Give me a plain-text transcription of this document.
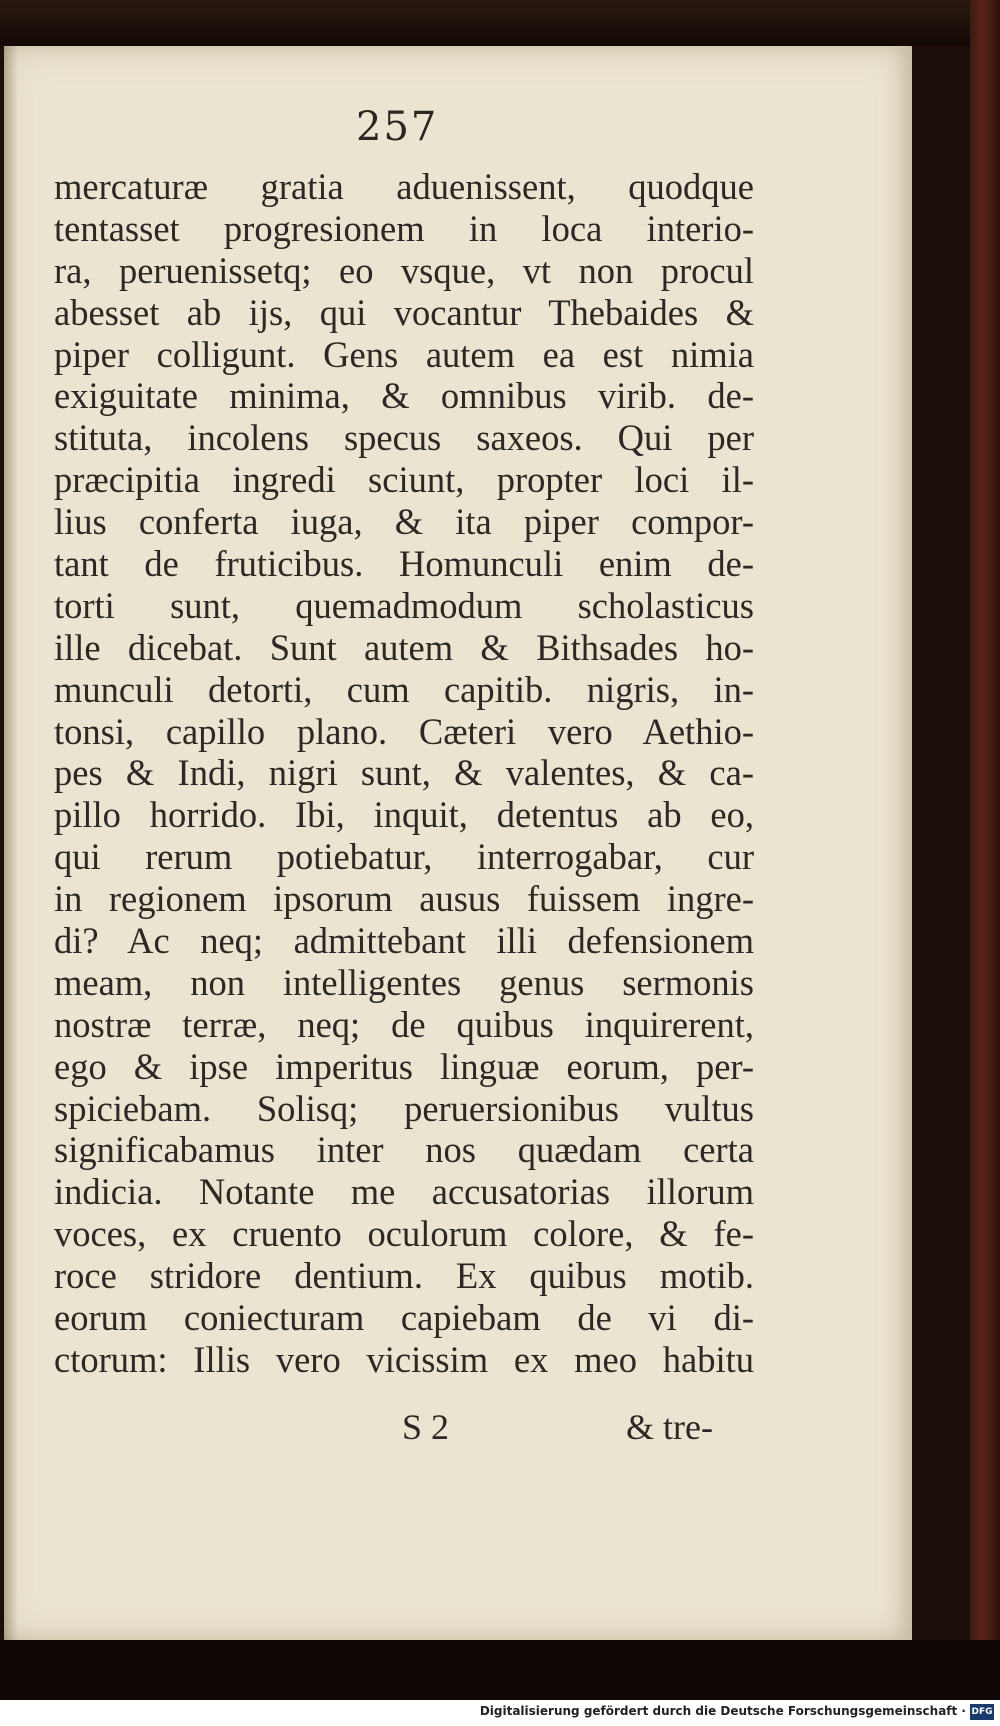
257
mercaturæ gratia aduenissent, quodque
tentasset progresionem in loca interio-
ra, peruenissetq; eo vsque, vt non procul
abesset ab ijs, qui vocantur Thebaides &
piper colligunt. Gens autem ea est nimia
exiguitate minima, & omnibus virib. de-
stituta, incolens specus saxeos. Qui per
præcipitia ingredi sciunt, propter loci il-
lius conferta iuga, & ita piper compor-
tant de fruticibus. Homunculi enim de-
torti sunt, quemadmodum scholasticus
ille dicebat. Sunt autem & Bithsades ho-
munculi detorti, cum capitib. nigris, in-
tonsi, capillo plano. Cæteri vero Aethio-
pes & Indi, nigri sunt, & valentes, & ca-
pillo horrido. Ibi, inquit, detentus ab eo,
qui rerum potiebatur, interrogabar, cur
in regionem ipsorum ausus fuissem ingre-
di? Ac neq; admittebant illi defensionem
meam, non intelligentes genus sermonis
nostræ terræ, neq; de quibus inquirerent,
ego & ipse imperitus linguæ eorum, per-
spiciebam. Solisq; peruersionibus vultus
significabamus inter nos quædam certa
indicia. Notante me accusatorias illorum
voces, ex cruento oculorum colore, & fe-
roce stridore dentium. Ex quibus motib.
eorum coniecturam capiebam de vi di-
ctorum: Illis vero vicissim ex meo habitu
S 2	& tre-
Digitalisierung gefördert durch die Deutsche Forschungsgemeinschaft · DFG
